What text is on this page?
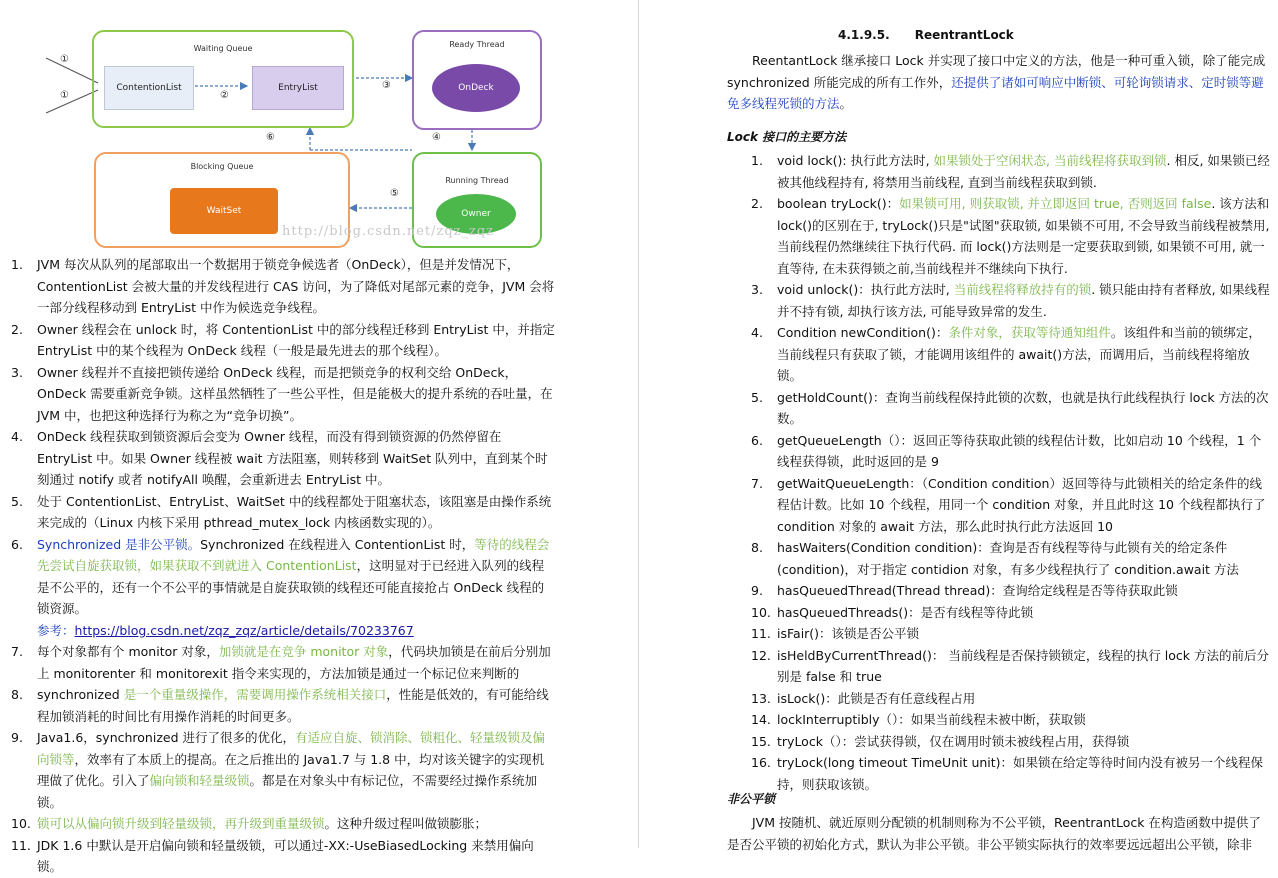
①
①	②
③
④
⑤
⑥
Waiting Queue
ContentionList	EntryList
Ready Thread
OnDeck
Blocking Queue
WaitSet
Running Thread
Owner
http://blog.csdn.net/zqz_zqz
1. JVM 每次从队列的尾部取出一个数据用于锁竞争候选者（OnDeck），但是并发情况下，ContentionList 会被大量的并发线程进行 CAS 访问，为了降低对尾部元素的竞争，JVM 会将一部分线程移动到 EntryList 中作为候选竞争线程。
2. Owner 线程会在 unlock 时，将 ContentionList 中的部分线程迁移到 EntryList 中，并指定 EntryList 中的某个线程为 OnDeck 线程（一般是最先进去的那个线程）。
3. Owner 线程并不直接把锁传递给 OnDeck 线程，而是把锁竞争的权利交给 OnDeck，OnDeck 需要重新竞争锁。这样虽然牺牲了一些公平性，但是能极大的提升系统的吞吐量，在 JVM 中，也把这种选择行为称之为“竞争切换”。
4. OnDeck 线程获取到锁资源后会变为 Owner 线程，而没有得到锁资源的仍然停留在 EntryList 中。如果 Owner 线程被 wait 方法阻塞，则转移到 WaitSet 队列中，直到某个时刻通过 notify 或者 notifyAll 唤醒，会重新进去 EntryList 中。
5. 处于 ContentionList、EntryList、WaitSet 中的线程都处于阻塞状态，该阻塞是由操作系统来完成的（Linux 内核下采用 pthread_mutex_lock 内核函数实现的）。
6. Synchronized 是非公平锁。Synchronized 在线程进入 ContentionList 时，等待的线程会先尝试自旋获取锁，如果获取不到就进入 ContentionList，这明显对于已经进入队列的线程是不公平的，还有一个不公平的事情就是自旋获取锁的线程还可能直接抢占 OnDeck 线程的锁资源。
参考：https://blog.csdn.net/zqz_zqz/article/details/70233767
7. 每个对象都有个 monitor 对象，加锁就是在竞争 monitor 对象，代码块加锁是在前后分别加上 monitorenter 和 monitorexit 指令来实现的，方法加锁是通过一个标记位来判断的
8. synchronized 是一个重量级操作，需要调用操作系统相关接口，性能是低效的，有可能给线程加锁消耗的时间比有用操作消耗的时间更多。
9. Java1.6，synchronized 进行了很多的优化，有适应自旋、锁消除、锁粗化、轻量级锁及偏向锁等，效率有了本质上的提高。在之后推出的 Java1.7 与 1.8 中，均对该关键字的实现机理做了优化。引入了偏向锁和轻量级锁。都是在对象头中有标记位，不需要经过操作系统加锁。
10. 锁可以从偏向锁升级到轻量级锁，再升级到重量级锁。这种升级过程叫做锁膨胀；
11. JDK 1.6 中默认是开启偏向锁和轻量级锁，可以通过-XX:-UseBiasedLocking 来禁用偏向锁。
4.1.9.5.      ReentrantLock
ReentantLock 继承接口 Lock 并实现了接口中定义的方法，他是一种可重入锁，除了能完成 synchronized 所能完成的所有工作外，还提供了诸如可响应中断锁、可轮询锁请求、定时锁等避免多线程死锁的方法。
Lock 接口的主要方法
1. void lock(): 执行此方法时, 如果锁处于空闲状态, 当前线程将获取到锁. 相反, 如果锁已经被其他线程持有, 将禁用当前线程, 直到当前线程获取到锁.
2. boolean tryLock()：如果锁可用, 则获取锁, 并立即返回 true, 否则返回 false. 该方法和 lock()的区别在于, tryLock()只是"试图"获取锁, 如果锁不可用, 不会导致当前线程被禁用, 当前线程仍然继续往下执行代码. 而 lock()方法则是一定要获取到锁, 如果锁不可用, 就一直等待, 在未获得锁之前,当前线程并不继续向下执行.
3. void unlock()：执行此方法时, 当前线程将释放持有的锁. 锁只能由持有者释放, 如果线程并不持有锁, 却执行该方法, 可能导致异常的发生.
4. Condition newCondition()：条件对象，获取等待通知组件。该组件和当前的锁绑定，当前线程只有获取了锁，才能调用该组件的 await()方法，而调用后，当前线程将缩放锁。
5. getHoldCount()：查询当前线程保持此锁的次数，也就是执行此线程执行 lock 方法的次数。
6. getQueueLength（）：返回正等待获取此锁的线程估计数，比如启动 10 个线程，1 个线程获得锁，此时返回的是 9
7. getWaitQueueLength：（Condition condition）返回等待与此锁相关的给定条件的线程估计数。比如 10 个线程，用同一个 condition 对象，并且此时这 10 个线程都执行了 condition 对象的 await 方法，那么此时执行此方法返回 10
8. hasWaiters(Condition condition)：查询是否有线程等待与此锁有关的给定条件(condition)，对于指定 contidion 对象，有多少线程执行了 condition.await 方法
9. hasQueuedThread(Thread thread)：查询给定线程是否等待获取此锁
10. hasQueuedThreads()：是否有线程等待此锁
11. isFair()：该锁是否公平锁
12. isHeldByCurrentThread()： 当前线程是否保持锁锁定，线程的执行 lock 方法的前后分别是 false 和 true
13. isLock()：此锁是否有任意线程占用
14. lockInterruptibly（）：如果当前线程未被中断，获取锁
15. tryLock（）：尝试获得锁，仅在调用时锁未被线程占用，获得锁
16. tryLock(long timeout TimeUnit unit)：如果锁在给定等待时间内没有被另一个线程保持，则获取该锁。
非公平锁
JVM 按随机、就近原则分配锁的机制则称为不公平锁，ReentrantLock 在构造函数中提供了是否公平锁的初始化方式，默认为非公平锁。非公平锁实际执行的效率要远远超出公平锁，除非
